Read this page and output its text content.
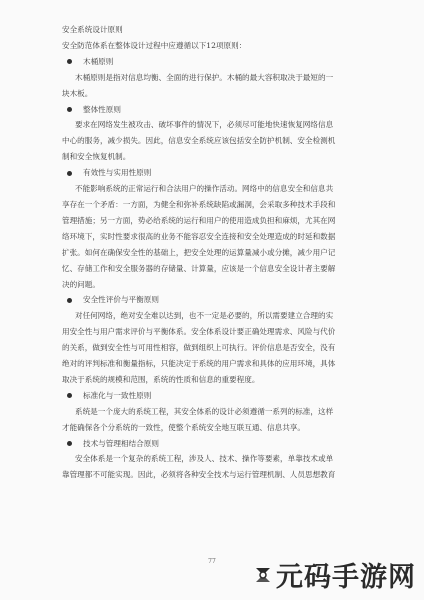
安全系统设计原则
安全防范体系在整体设计过程中应遵循以下12项原则：
木桶原则
木桶原则是指对信息均衡、全面的进行保护。木桶的最大容积取决于最短的一
块木板。
整体性原则
要求在网络发生被攻击、破坏事件的情况下，必须尽可能地快速恢复网络信息
中心的服务，减少损失。因此，信息安全系统应该包括安全防护机制、安全检测机
制和安全恢复机制。
有效性与实用性原则
不能影响系统的正常运行和合法用户的操作活动。网络中的信息安全和信息共
享存在一个矛盾：一方面，为健全和弥补系统缺陷或漏洞，会采取多种技术手段和
管理措施；另一方面，势必给系统的运行和用户的使用造成负担和麻烦，尤其在网
络环境下，实时性要求很高的业务不能容忍安全连接和安全处理造成的时延和数据
扩张。如何在确保安全性的基础上，把安全处理的运算量减小或分摊，减少用户记
忆、存储工作和安全服务器的存储量、计算量，应该是一个信息安全设计者主要解
决的问题。
安全性评价与平衡原则
对任何网络，绝对安全难以达到，也不一定是必要的，所以需要建立合理的实
用安全性与用户需求评价与平衡体系。安全体系设计要正确处理需求、风险与代价
的关系，做到安全性与可用性相容，做到组织上可执行。评价信息是否安全，没有
绝对的评判标准和衡量指标，只能决定于系统的用户需求和具体的应用环境，具体
取决于系统的规模和范围，系统的性质和信息的重要程度。
标准化与一致性原则
系统是一个庞大的系统工程，其安全体系的设计必须遵循一系列的标准，这样
才能确保各个分系统的一致性，使整个系统安全地互联互通、信息共享。
技术与管理相结合原则
安全体系是一个复杂的系统工程，涉及人、技术、操作等要素，单靠技术或单
靠管理都不可能实现。因此，必须将各种安全技术与运行管理机制、人员思想教育
77
元码手游网
